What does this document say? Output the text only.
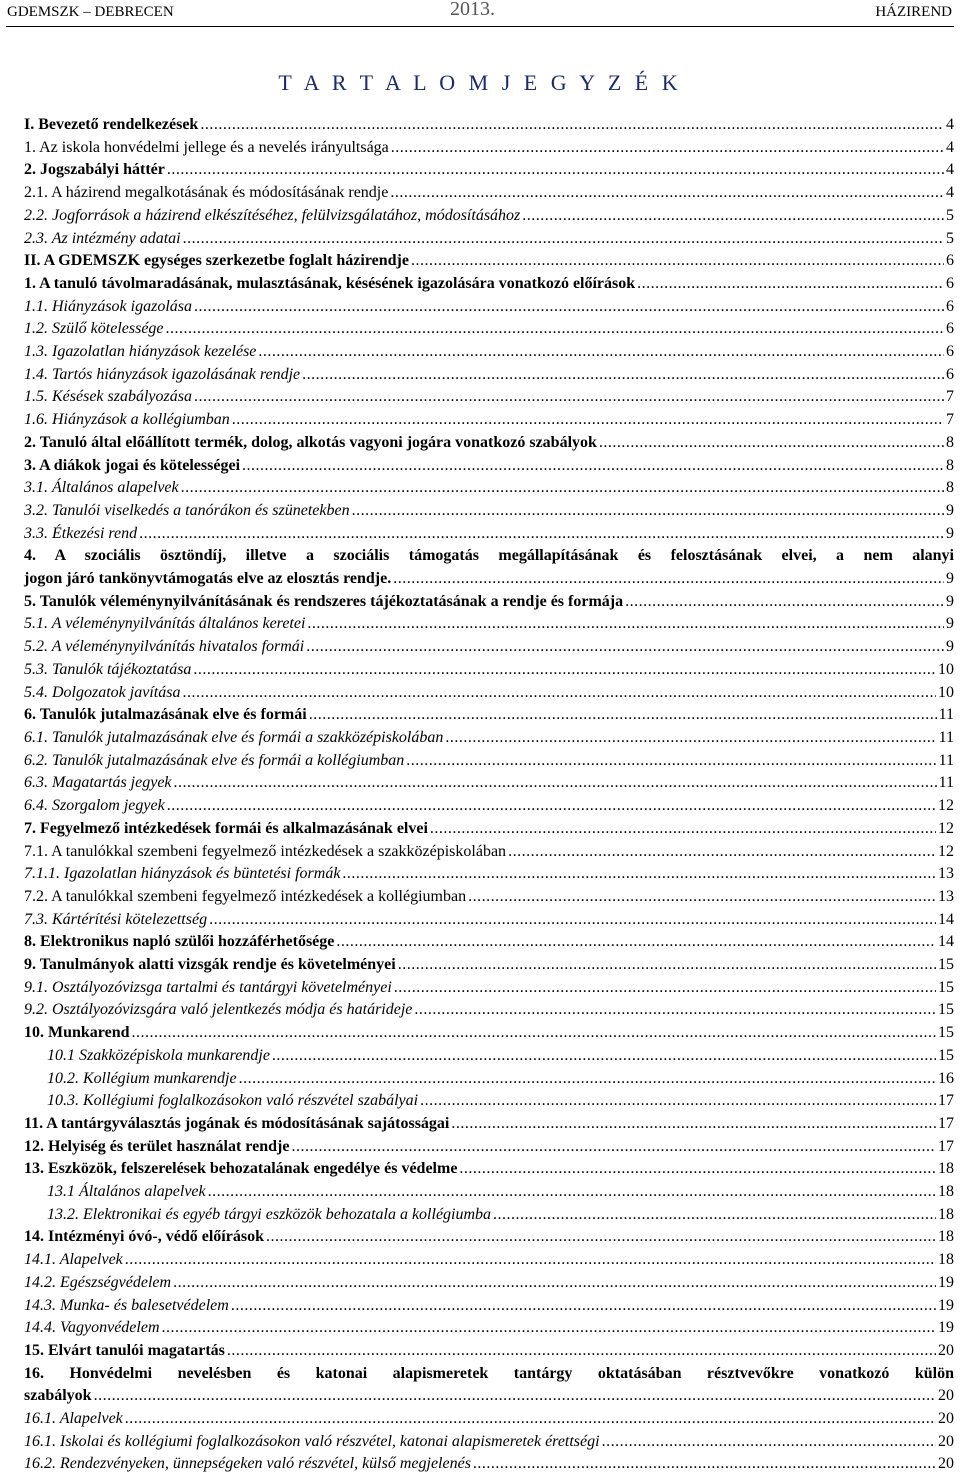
GDEMSZK – DEBRECEN	2013.	HÁZIREND
T A R T A L O M J E G Y Z É K
I. Bevezető rendelkezések .....	4
1. Az iskola honvédelmi jellege és a nevelés irányultsága .....	4
2. Jogszabályi háttér .....	4
2.1. A házirend megalkotásának és módosításának rendje .....	4
2.2. Jogforrások a házirend elkészítéséhez, felülvizsgálatához, módosításához .....	5
2.3. Az intézmény adatai .....	5
II. A GDEMSZK egységes szerkezetbe foglalt házirendje .....	6
1. A tanuló távolmaradásának, mulasztásának, késésének igazolására vonatkozó előírások .....	6
1.1. Hiányzások igazolása .....	6
1.2. Szülő kötelessége .....	6
1.3. Igazolatlan hiányzások kezelése .....	6
1.4. Tartós hiányzások igazolásának rendje .....	6
1.5. Késések szabályozása .....	7
1.6. Hiányzások a kollégiumban .....	7
2. Tanuló által előállított termék, dolog, alkotás vagyoni jogára vonatkozó szabályok .....	8
3. A diákok jogai és kötelességei .....	8
3.1. Általános alapelvek .....	8
3.2. Tanulói viselkedés a tanórákon és szünetekben .....	9
3.3. Étkezési rend .....	9
4. A szociális ösztöndíj, illetve a szociális támogatás megállapításának és felosztásának elvei, a nem alanyi
jogon járó tankönyvtámogatás elve az elosztás rendje. .....	9
5. Tanulók véleménynyilvánításának és rendszeres tájékoztatásának a rendje és formája .....	9
5.1. A véleménynyilvánítás általános keretei .....	9
5.2. A véleménynyilvánítás hivatalos formái .....	9
5.3. Tanulók tájékoztatása .....	10
5.4. Dolgozatok javítása .....	10
6. Tanulók jutalmazásának elve és formái .....	11
6.1. Tanulók jutalmazásának elve és formái a szakközépiskolában .....	11
6.2. Tanulók jutalmazásának elve és formái a kollégiumban .....	11
6.3. Magatartás jegyek .....	11
6.4. Szorgalom jegyek .....	12
7. Fegyelmező intézkedések formái és alkalmazásának elvei .....	12
7.1. A tanulókkal szembeni fegyelmező intézkedések a szakközépiskolában .....	12
7.1.1. Igazolatlan hiányzások és büntetési formák .....	13
7.2. A tanulókkal szembeni fegyelmező intézkedések a kollégiumban .....	13
7.3. Kártérítési kötelezettség .....	14
8. Elektronikus napló szülői hozzáférhetősége .....	14
9. Tanulmányok alatti vizsgák rendje és követelményei .....	15
9.1. Osztályozóvizsga tartalmi és tantárgyi követelményei .....	15
9.2. Osztályozóvizsgára való jelentkezés módja és határideje .....	15
10. Munkarend .....	15
10.1 Szakközépiskola munkarendje .....	15
10.2. Kollégium munkarendje .....	16
10.3. Kollégiumi foglalkozásokon való részvétel szabályai .....	17
11. A tantárgyválasztás jogának és módosításának sajátosságai .....	17
12. Helyiség és terület használat rendje .....	17
13. Eszközök, felszerelések behozatalának engedélye és védelme .....	18
13.1 Általános alapelvek .....	18
13.2. Elektronikai és egyéb tárgyi eszközök behozatala a kollégiumba .....	18
14. Intézményi óvó-, védő előírások .....	18
14.1. Alapelvek .....	18
14.2. Egészségvédelem .....	19
14.3. Munka- és balesetvédelem .....	19
14.4. Vagyonvédelem .....	19
15. Elvárt tanulói magatartás .....	20
16. Honvédelmi nevelésben és katonai alapismeretek tantárgy oktatásában résztvevőkre vonatkozó külön
szabályok .....	20
16.1. Alapelvek .....	20
16.1. Iskolai és kollégiumi foglalkozásokon való részvétel, katonai alapismeretek érettségi .....	20
16.2. Rendezvényeken, ünnepségeken való részvétel, külső megjelenés .....	20
